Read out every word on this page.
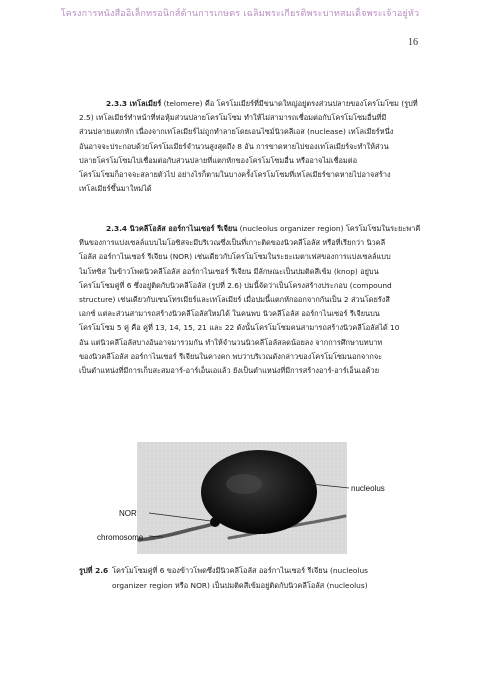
โครงการหนังสืออิเล็กทรอนิกส์ด้านการเกษตร เฉลิมพระเกียรติพระบาทสมเด็จพระเจ้าอยู่หัว
16
2.3.3 เทโลเมียร์ (telomere) คือ โครโมเมียร์ที่มีขนาดใหญ่อยู่ตรงส่วนปลายของโครโมโซม (รูปที่
2.5) เทโลเมียร์ทำหน้าที่ห่อหุ้มส่วนปลายโครโมโซม ทำให้ไม่สามารถเชื่อมต่อกับโครโมโซมอื่นที่มี
ส่วนปลายแตกหัก เนื่องจากเทโลเมียร์ไม่ถูกทำลายโดยเอนไซม์นิวคลีเอส (nuclease) เทโลเมียร์หนึ่ง
อันอาจจะประกอบด้วยโครโมเมียร์จำนวนสูงสุดถึง 8 อัน การขาดหายไปของเทโลเมียร์จะทำให้ส่วน
ปลายโครโมโซมไปเชื่อมต่อกับส่วนปลายที่แตกหักของโครโมโซมอื่น หรืออาจไม่เชื่อมต่อ
โครโมโซมก็อาจจะสลายตัวไป อย่างไรก็ตามในบางครั้งโครโมโซมที่เทโลเมียร์ขาดหายไปอาจสร้าง
เทโลเมียร์ขึ้นมาใหม่ได้
2.3.4 นิวคลีโอลัส ออร์กาไนเซอร์ รีเจียน (nucleolus organizer region) โครโมโซมในระยะพาคี
ทีนของการแบ่งเซลล์แบบไมโอซิสจะมีบริเวณซึ่งเป็นที่เกาะติดของนิวคลีโอลัส หรือที่เรียกว่า นิวคลี
โอลัส ออร์กาไนเซอร์ รีเจียน (NOR) เช่นเดียวกับโครโมโซมในระยะเมตาเฟสของการแบ่งเซลล์แบบ
ไมโทซิส ในข้าวโพดนิวคลีโอลัส ออร์กาไนเซอร์ รีเจียน มีลักษณะเป็นปมติดสีเข้ม (knop) อยู่บน
โครโมโซมคู่ที่ 6 ซึ่งอยู่ติดกับนิวคลีโอลัส (รูปที่ 2.6) ปมนี้จัดว่าเป็นโครงสร้างประกอบ (compound
structure) เช่นเดียวกับเซนโทรเมียร์และเทโลเมียร์ เมื่อปมนี้แตกหักออกจากกันเป็น 2 ส่วนโดยรังสี
เอกซ์ แต่ละส่วนสามารถสร้างนิวคลีโอลัสใหม่ได้ ในคนพบ นิวคลีโอลัส ออร์กาไนเซอร์ รีเจียนบน
โครโมโซม 5 คู่ คือ คู่ที่ 13, 14, 15, 21 และ 22 ดังนั้นโครโมโซมคนสามารถสร้างนิวคลีโอลัสได้ 10
อัน แต่นิวคลีโอลัสบางอันอาจมารวมกัน ทำให้จำนวนนิวคลีโอลัสลดน้อยลง จากการศึกษาบทบาท
ของนิวคลีโอลัส ออร์กาไนเซอร์ รีเจียนในคางคก พบว่าบริเวณดังกล่าวของโครโมโซมนอกจากจะ
เป็นตำแหน่งที่มีการเก็บสะสมอาร์-อาร์เอ็นเอแล้ว ยังเป็นตำแหน่งที่มีการสร้างอาร์-อาร์เอ็นเอด้วย
nucleolus
NOR
chromosome
รูปที่ 2.6 โครโมโซมคู่ที่ 6 ของข้าวโพดซึ่งมีนิวคลีโอลัส ออร์กาไนเซอร์ รีเจียน (nucleolus
organizer region หรือ NOR) เป็นปมติดสีเข้มอยู่ติดกับนิวคลีโอลัส (nucleolus)
